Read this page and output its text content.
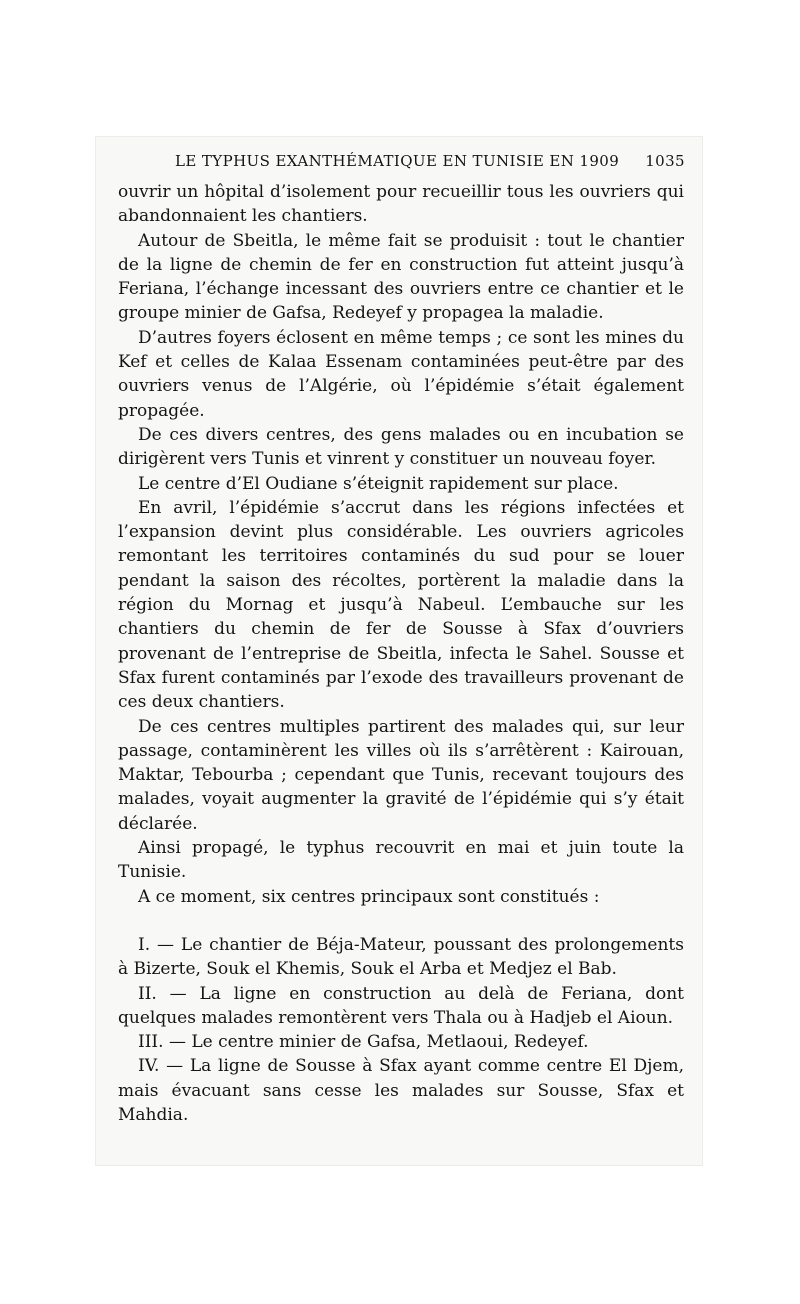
LE TYPHUS EXANTHÉMATIQUE EN TUNISIE EN 1909 1035

ouvrir un hôpital d’isolement pour recueillir tous les ouvriers qui abandonnaient les chantiers.

Autour de Sbeitla, le même fait se produisit : tout le chantier de la ligne de chemin de fer en construction fut atteint jusqu’à Feriana, l’échange incessant des ouvriers entre ce chantier et le groupe minier de Gafsa, Redeyef y propagea la maladie.

D’autres foyers éclosent en même temps ; ce sont les mines du Kef et celles de Kalaa Essenam contaminées peut-être par des ouvriers venus de l’Algérie, où l’épidémie s’était également propagée.

De ces divers centres, des gens malades ou en incubation se dirigèrent vers Tunis et vinrent y constituer un nouveau foyer.

Le centre d’El Oudiane s’éteignit rapidement sur place.

En avril, l’épidémie s’accrut dans les régions infectées et l’expansion devint plus considérable. Les ouvriers agricoles remontant les territoires contaminés du sud pour se louer pendant la saison des récoltes, portèrent la maladie dans la région du Mornag et jusqu’à Nabeul. L’embauche sur les chantiers du chemin de fer de Sousse à Sfax d’ouvriers provenant de l’entreprise de Sbeitla, infecta le Sahel. Sousse et Sfax furent contaminés par l’exode des travailleurs provenant de ces deux chantiers.

De ces centres multiples partirent des malades qui, sur leur passage, contaminèrent les villes où ils s’arrêtèrent : Kairouan, Maktar, Tebourba ; cependant que Tunis, recevant toujours des malades, voyait augmenter la gravité de l’épidémie qui s’y était déclarée.

Ainsi propagé, le typhus recouvrit en mai et juin toute la Tunisie.

A ce moment, six centres principaux sont constitués :

I. — Le chantier de Béja-Mateur, poussant des prolongements à Bizerte, Souk el Khemis, Souk el Arba et Medjez el Bab.

II. — La ligne en construction au delà de Feriana, dont quelques malades remontèrent vers Thala ou à Hadjeb el Aioun.

III. — Le centre minier de Gafsa, Metlaoui, Redeyef.

IV. — La ligne de Sousse à Sfax ayant comme centre El Djem, mais évacuant sans cesse les malades sur Sousse, Sfax et Mahdia.
